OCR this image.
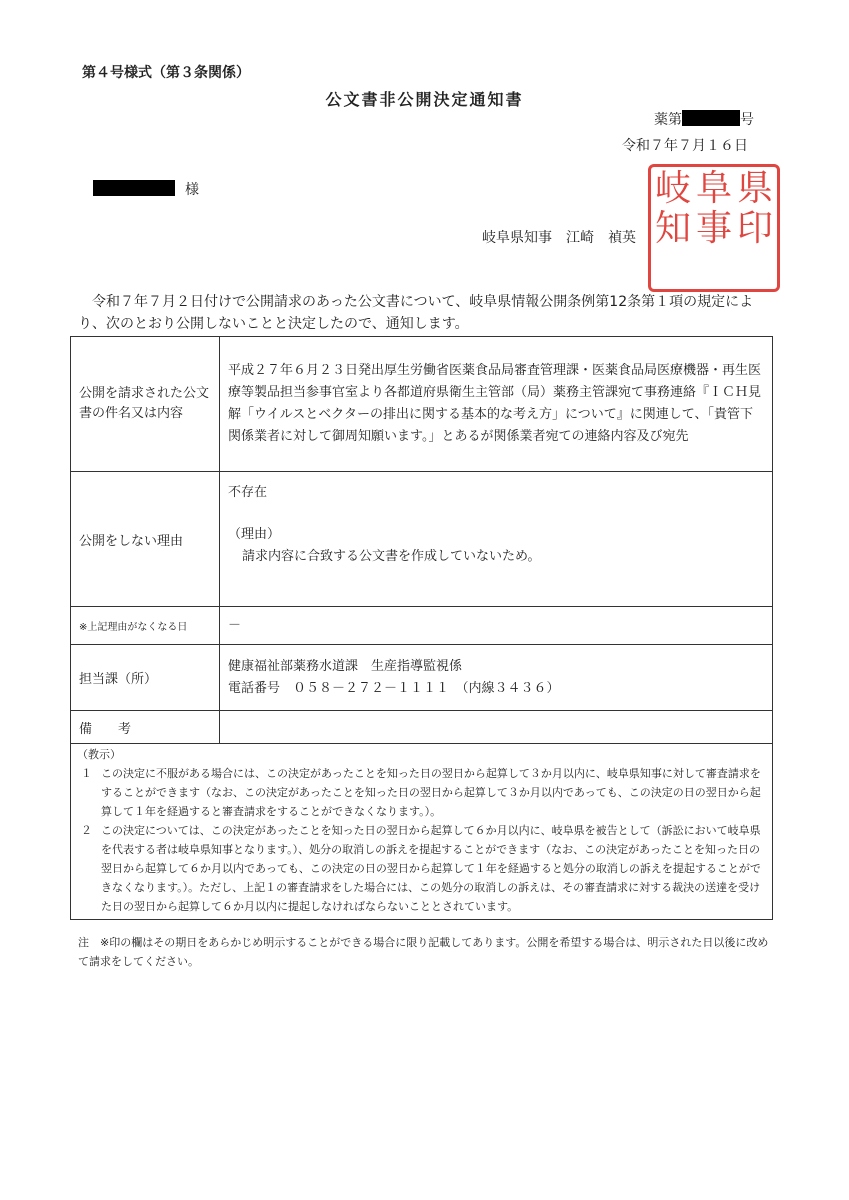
第４号様式（第３条関係）
公文書非公開決定通知書
薬第	号
令和７年７月１６日
様
岐阜県知事　江崎　禎英
県
岐 阜
知 事 印
令和７年７月２日付けで公開請求のあった公文書について、岐阜県情報公開条例第12条第１項の規定により、次のとおり公開しないことと決定したので、通知します。
公開を請求された公文書の件名又は内容	平成２７年６月２３日発出厚生労働省医薬食品局審査管理課・医薬食品局医療機器・再生医療等製品担当参事官室より各都道府県衛生主管部（局）薬務主管課宛て事務連絡『ＩＣＨ見解「ウイルスとベクターの排出に関する基本的な考え方」について』に関連して、「貴管下関係業者に対して御周知願います。」とあるが関係業者宛ての連絡内容及び宛先
公開をしない理由	不存在
（理由）
請求内容に合致する公文書を作成していないため。

※上記理由がなくなる日	－
担当課（所）	健康福祉部薬務水道課　生産指導監視係
電話番号　０５８－２７２－１１１１　（内線３４３６）

備　　考	
（教示）
１ この決定に不服がある場合には、この決定があったことを知った日の翌日から起算して３か月以内に、岐阜県知事に対して審査請求をすることができます（なお、この決定があったことを知った日の翌日から起算して３か月以内であっても、この決定の日の翌日から起算して１年を経過すると審査請求をすることができなくなります。）。
２ この決定については、この決定があったことを知った日の翌日から起算して６か月以内に、岐阜県を被告として（訴訟において岐阜県を代表する者は岐阜県知事となります。）、処分の取消しの訴えを提起することができます（なお、この決定があったことを知った日の翌日から起算して６か月以内であっても、この決定の日の翌日から起算して１年を経過すると処分の取消しの訴えを提起することができなくなります。）。ただし、上記１の審査請求をした場合には、この処分の取消しの訴えは、その審査請求に対する裁決の送達を受けた日の翌日から起算して６か月以内に提起しなければならないこととされています。
注　※印の欄はその期日をあらかじめ明示することができる場合に限り記載してあります。公開を希望する場合は、明示された日以後に改めて請求をしてください。
